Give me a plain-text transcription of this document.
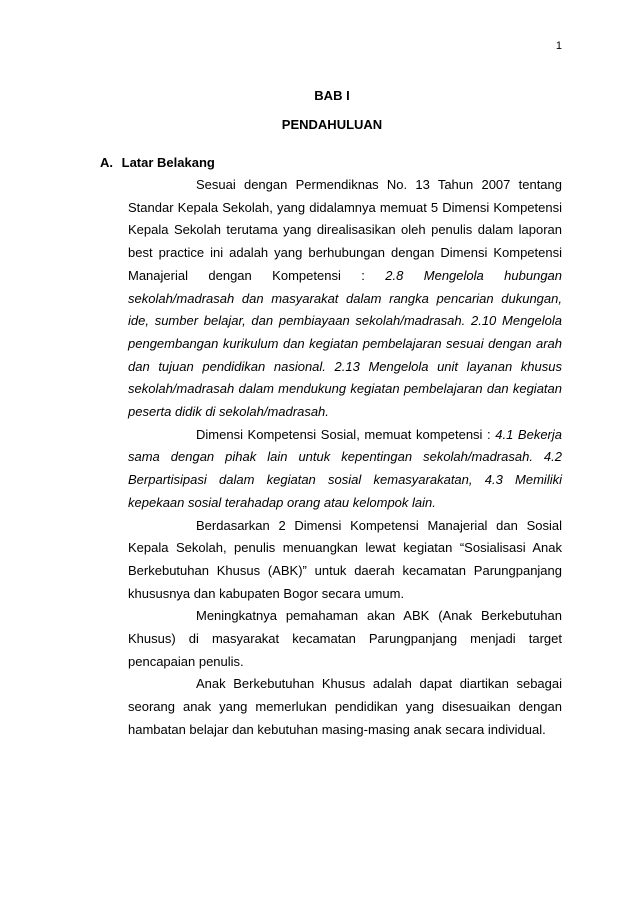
1
BAB I
PENDAHULUAN
A. Latar Belakang

Sesuai dengan Permendiknas No. 13 Tahun 2007 tentang Standar Kepala Sekolah, yang didalamnya memuat 5 Dimensi Kompetensi Kepala Sekolah terutama yang direalisasikan oleh penulis dalam laporan best practice ini adalah yang berhubungan dengan Dimensi Kompetensi Manajerial dengan Kompetensi : 2.8 Mengelola hubungan sekolah/madrasah dan masyarakat dalam rangka pencarian dukungan, ide, sumber belajar, dan pembiayaan sekolah/madrasah. 2.10 Mengelola pengembangan kurikulum dan kegiatan pembelajaran sesuai dengan arah dan tujuan pendidikan nasional. 2.13 Mengelola unit layanan khusus sekolah/madrasah dalam mendukung kegiatan pembelajaran dan kegiatan peserta didik di sekolah/madrasah.

Dimensi Kompetensi Sosial, memuat kompetensi : 4.1 Bekerja sama dengan pihak lain untuk kepentingan sekolah/madrasah. 4.2 Berpartisipasi dalam kegiatan sosial kemasyarakatan, 4.3 Memiliki kepekaan sosial terahadap orang atau kelompok lain.

Berdasarkan 2 Dimensi Kompetensi Manajerial dan Sosial Kepala Sekolah, penulis menuangkan lewat kegiatan “Sosialisasi Anak Berkebutuhan Khusus (ABK)” untuk daerah kecamatan Parungpanjang khususnya dan kabupaten Bogor secara umum.

Meningkatnya pemahaman akan ABK (Anak Berkebutuhan Khusus) di masyarakat kecamatan Parungpanjang menjadi target pencapaian penulis.

Anak Berkebutuhan Khusus adalah dapat diartikan sebagai seorang anak yang memerlukan pendidikan yang disesuaikan dengan hambatan belajar dan kebutuhan masing-masing anak secara individual.
